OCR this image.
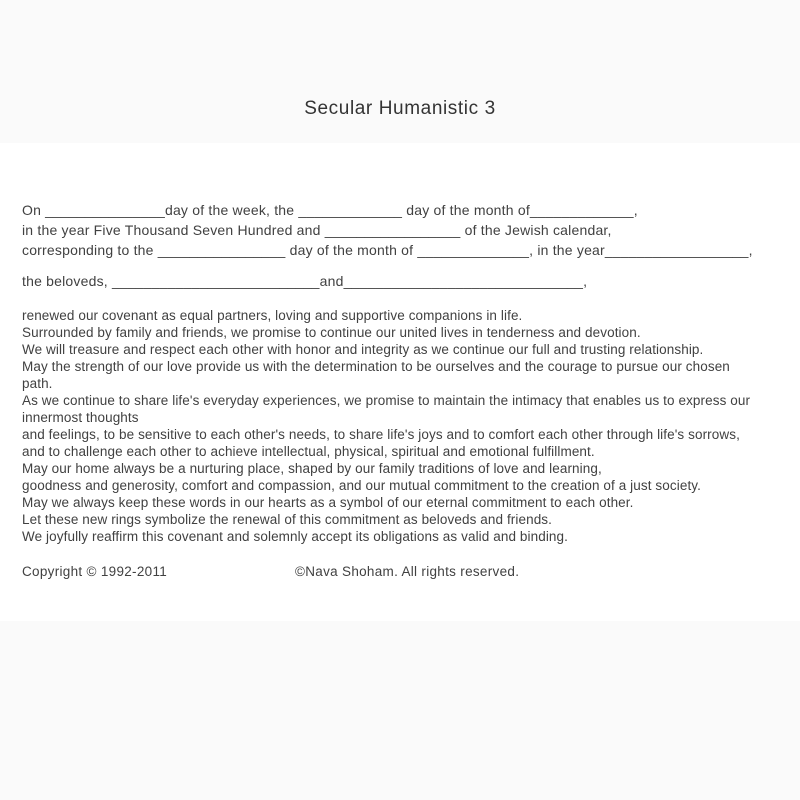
Secular Humanistic 3
On _______________day of the week, the _____________ day of the month of_____________,
in the year Five Thousand Seven Hundred and _________________ of the Jewish calendar,
corresponding to the ________________ day of the month of ______________, in the year__________________,
the beloveds, __________________________and______________________________,
renewed our covenant as equal partners, loving and supportive companions in life.
Surrounded by family and friends, we promise to continue our united lives in tenderness and devotion.
We will treasure and respect each other with honor and integrity as we continue our full and trusting relationship.
May the strength of our love provide us with the determination to be ourselves and the courage to pursue our chosen
path.
As we continue to share life's everyday experiences, we promise to maintain the intimacy that enables us to express our
innermost thoughts
and feelings, to be sensitive to each other's needs, to share life's joys and to comfort each other through life's sorrows,
and to challenge each other to achieve intellectual, physical, spiritual and emotional fulfillment.
May our home always be a nurturing place, shaped by our family traditions of love and learning,
goodness and generosity, comfort and compassion, and our mutual commitment to the creation of a just society.
May we always keep these words in our hearts as a symbol of our eternal commitment to each other.
Let these new rings symbolize the renewal of this commitment as beloveds and friends.
We joyfully reaffirm this covenant and solemnly accept its obligations as valid and binding.
Copyright © 1992-2011	©Nava Shoham. All rights reserved.
